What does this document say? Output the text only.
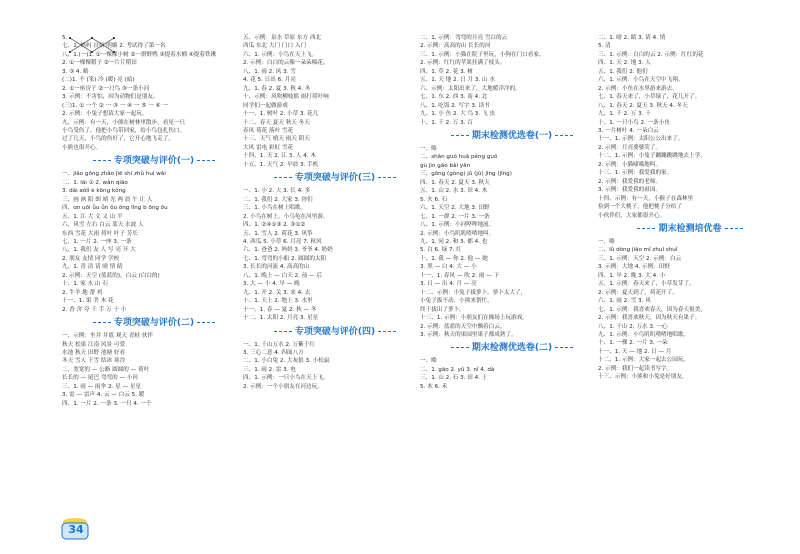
5.
七、1. 妈妈 自信 明媚 2. 考试得了第一名
八、1.(一)1. ①一棵棵小树 ②一群野鸭 ③提着水桶 ④提着铁锹
2. ①一棵棵稻子 ②一片片稻田
3. ③ 4. 略
(二)1. 不 (笨) 冷 (暖) 亮 (暗)
2. ①一座房子 ②一只鸟 ③一条小河
3. 示例：不害怕，因为动物们是朋友。
(三)1. ① 一个 ② 一 ③ 一 ④ 一 ⑤ 一 ⑥ 一
2. 示例：小兔子想请大家一起玩。
九、示例：有一天，小熊在树林里散步，看见一只
小鸟受伤了，他把小鸟带回家，给小鸟包扎伤口。
过了几天，小鸟的伤好了，它开心地飞走了。
小熊也很开心。
专项突破与评价(一)
一、jiāo ɡōnɡ zhǎo jiē shí zhǔ huì wǎi
二、1. lāi ① 2. wǎn qiāo
3. dài aǒlì è kōnɡ kǒnɡ
三、画 画 阳 朗 晴 光 两 晨 午 让 人
四、ɑn uǒi ǚu ǚn ǒu ōnɡ lǐnɡ b ōnɡ ōu
五、1. 江 大 文 义 山 平
六、风雪 左右 白云 蓝天 水波 人
东西 雪花 大雨 荷叶 叶子 芳长
七、1. 一片 2. 一座 3. 一条
八、1. 我们 友 人 写 亮 开 大
2. 朋友 友情 同学 学校
九、1. 青 清 请 晴 情 睛
2. 示例：天空 (蓝蓝的)，白云 (白白的)
十、1. 家 水 山 石
2. 牛羊 地 帮 鸡
十一、1. 果 美 木 花
2. 香 舍 夸 千 手 万 十 小
专项突破与评价(二)
一、示例：坐井 井底 观天 青蛙 伙伴
秋天 松果 江南 风景 可爱
水池 秋天 田野 池塘 好看
冬天 雪人 下雪 结冰 寒冷
二、宽宽的 — 公路 圆圆的 — 荷叶
长长的 — 尾巴 弯弯的 — 小河
三、1. 雨 — 雨伞 2. 星 — 星星
3. 雷 — 雷声 4. 云 — 白云 5. 暖
四、1. 一片 2. 一条 3. 一只 4. 一个
五、示例：泉水 草原 东方 西北
西瓜 东北 大门 门口 入门
六、1. 示例：小鸟在天上飞。
2. 示例：白白的云像一朵朵棉花。
八、1. 雨 2. 风 3. 雪
4. 花 5. 日出 6. 月亮
九、1. 春 2. 夏 3. 秋 4. 冬
十、示例：风吹柳枝摇 雨打荷叶响
同学们一起做游戏
十一、1. 树叶 2. 小草 3. 花儿
十二、春天 夏天 秋天 冬天
春风 荷花 落叶 雪花
十三、天气 晴天 雨天 阴天
大风 雷电 彩虹 雪花
十四、1. 天 2. 江 3. 人 4. 木
十五、1. 天气 2. 早晨 3. 手机
专项突破与评价(三)
一、1. 小 2. 大 3. 长 4. 多
二、1. 我们 2. 大家 3. 你们
三、1. 小鸟在树上唱歌。
2. 小鸟在树上，小乌龟在河里游。
四、1. ②④①③ 2. ③①②
五、1. 雪人 2. 荷花 3. 风筝
4. 西瓜 5. 小草 6. 月亮 7. 秋风
六、1. 爸爸 2. 妈妈 3. 爷爷 4. 奶奶
七、1. 弯弯的小船 2. 圆圆的太阳
3. 长长的河流 4. 高高的山
八、1. 晚上 — 白天 2. 前 — 后
3. 大 — 小 4. 早 — 晚
九、1. 开 2. 关 3. 来 4. 去
十、1. 天上 2. 地上 3. 水里
十一、1. 春 — 夏 2. 秋 — 冬
十二、1. 太阳 2. 月亮 3. 星星
专项突破与评价(四)
一、1. 千山万水 2. 万紫千红
3. 三心二意 4. 四面八方
二、1. 小白兔 2. 大灰狼 3. 小松鼠
三、1. 雨 2. 雷 3. 电
四、1. 示例：一只小鸟在天上飞。
2. 示例：一个小朋友在河边玩。
二、1. 示例：弯弯的月亮 雪白的云
2. 示例：高高的山 长长的河
三、1. 示例：小猫在院子里玩，小狗在门口看家。
2. 示例：红红的苹果挂满了枝头。
四、1. 草 2. 花 3. 树
五、1. 天 地 2. 日 月 3. 山 水
六、示例：太阳出来了，大地暖洋洋的。
七、1. 东 2. 西 3. 南 4. 北
八、1. 吃饭 2. 写字 3. 读书
九、1. 小 鱼 2. 大 鸟 3. 飞 虫
十、1. 千 2. 万 3. 百
期末检测优选卷(一)
一、略
二、shān ɡuó huā péng ɡuǒ
gù jìn ɡǎo bǎi yǎn
三、ɡōnɡ (ɡònɡ) jǔ (jù) jìnɡ (jīnɡ)
四、1. 春天 2. 夏天 3. 秋天
五、1. 山 2. 水 3. 田 4. 木
5. 火 6. 石
六、1. 天空 2. 大地 3. 田野
七、1. 一群 2. 一片 3. 一条
八、1. 示例：小河哗哗地流。
2. 示例：小鸟叽叽喳喳地叫。
九、1. 同 2. 和 3. 都 4. 也
5. 白 6. 绿 7. 红
十、1. 我 — 你 2. 他 — 她
3. 黑 — 白 4. 大 — 小
十一、1. 春风 — 吹 2. 雨 — 下
3. 日 — 出 4. 月 — 亮
十二、示例：小兔子拔萝卜，萝卜太大了，
小兔子拔不动，小熊来帮忙，
终于拔出了萝卜。
十三、1. 示例：小朋友们在操场上玩游戏。
2. 示例：蓝蓝的天空中飘着白云。
3. 示例：秋天的果园里果子都成熟了。
期末检测优选卷(二)
一、略
二、1. ɡāo 2. yǔ 3. nǐ 4. dà
三、1. 山 2. 石 3. 田 4. 土
5. 木 6. 禾
二、1. 晴 2. 睛 3. 请 4. 情
5. 清
三、1. 示例：白白的云 2. 示例：红红的花
四、1. 天 2. 地 3. 人
五、1. 我们 2. 他们
六、1. 示例：小鸟在天空中飞翔。
2. 示例：小鱼在水里游来游去。
七、1. 春天来了，小草绿了，花儿开了。
八、1. 春天 2. 夏天 3. 秋天 4. 冬天
九、1. 千 2. 万 3. 十
十、1. 一只小鸟 2. 一条小鱼
3. 一片树叶 4. 一朵白云
十一、1. 示例：太阳公公出来了。
2. 示例：月亮婆婆笑了。
十二、1. 示例：小兔子蹦蹦跳跳地去上学。
2. 示例：小猫喵喵地叫。
十三、1. 示例：我爱我的家。
2. 示例：我爱我的老师。
3. 示例：我爱我的祖国。
十四、示例：有一天，小猴子在森林里
捡到一个大桃子，他把桃子分给了
小伙伴们，大家都很开心。
期末检测培优卷
一、略
二、lǜ dònɡ jiāo mǐ zhuǐ shuǐ
三、1. 示例：天空 2. 示例：白云
3. 示例：大地 4. 示例：田野
四、1. 早 2. 晚 3. 大 4. 小
五、1. 示例：春天来了，小草发芽了。
2. 示例：夏天到了，荷花开了。
六、1. 雨 2. 雪 3. 风
七、1. 示例：我喜欢春天，因为春天很美。
2. 示例：我喜欢秋天，因为秋天有果子。
八、1. 千山 2. 万水 3. 一心
九、1. 示例：小鸟叽叽喳喳地唱歌。
十、1. 一棵 2. 一片 3. 一朵
十一、1. 天 — 地 2. 日 — 月
十二、1. 示例：大家一起去公园玩。
2. 示例：我们一起读书写字。
十三、示例：小熊和小兔是好朋友。
34
